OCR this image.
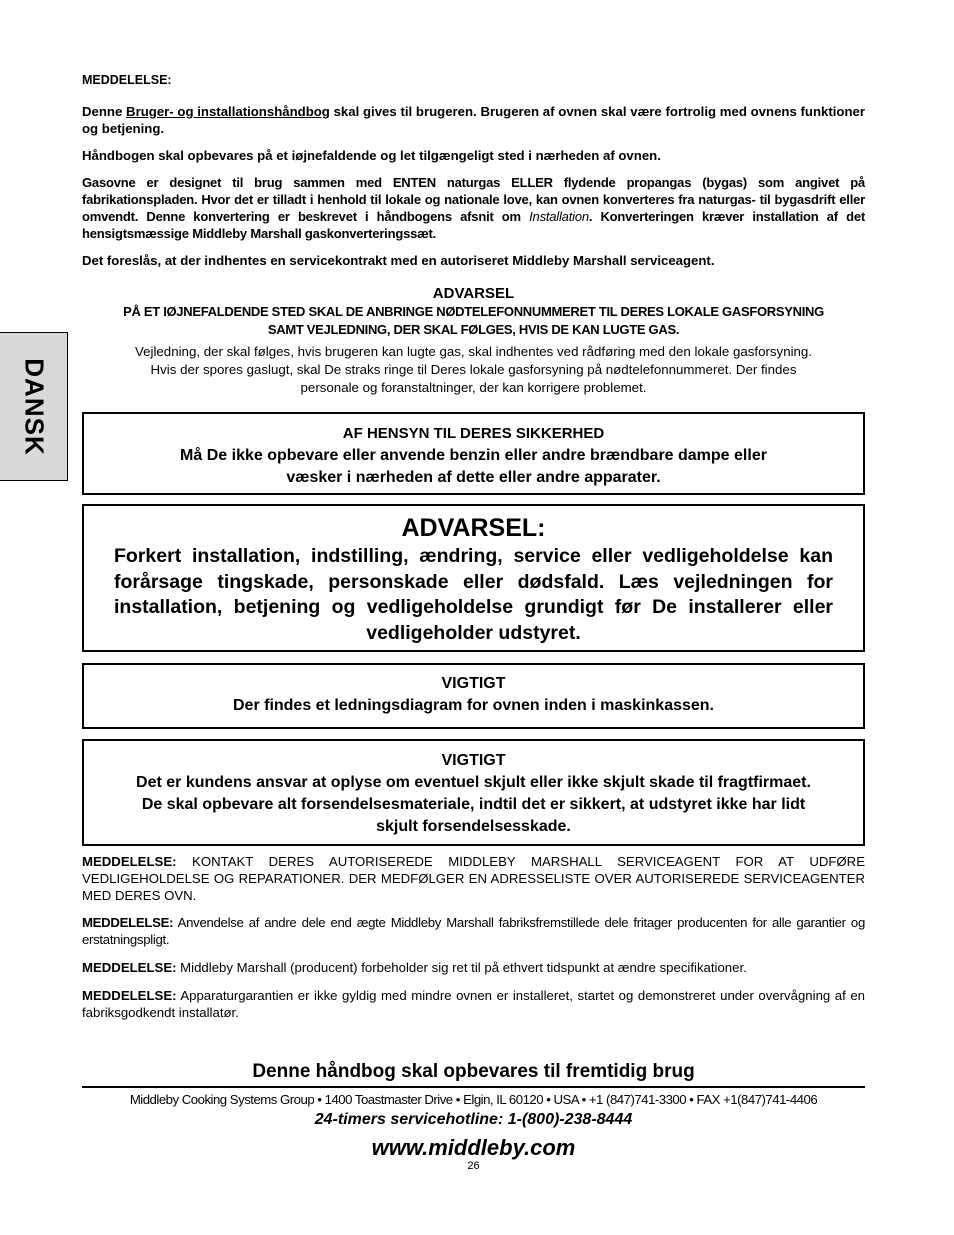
DANSK
MEDDELELSE:

Denne Bruger- og installationshåndbog skal gives til brugeren. Brugeren af ovnen skal være fortrolig med ovnens funktioner og betjening.

Håndbogen skal opbevares på et iøjnefaldende og let tilgængeligt sted i nærheden af ovnen.

Gasovne er designet til brug sammen med ENTEN naturgas ELLER flydende propangas (bygas) som angivet på fabrikationspladen. Hvor det er tilladt i henhold til lokale og nationale love, kan ovnen konverteres fra naturgas- til bygasdrift eller omvendt. Denne konvertering er beskrevet i håndbogens afsnit om Installation. Konverteringen kræver installation af det hensigtsmæssige Middleby Marshall gaskonverteringssæt.

Det foreslås, at der indhentes en servicekontrakt med en autoriseret Middleby Marshall serviceagent.

ADVARSEL
PÅ ET IØJNEFALDENDE STED SKAL DE ANBRINGE NØDTELEFONNUMMERET TIL DERES LOKALE GASFORSYNING SAMT VEJLEDNING, DER SKAL FØLGES, HVIS DE KAN LUGTE GAS.
Vejledning, der skal følges, hvis brugeren kan lugte gas, skal indhentes ved rådføring med den lokale gasforsyning. Hvis der spores gaslugt, skal De straks ringe til Deres lokale gasforsyning på nødtelefonnummeret. Der findes personale og foranstaltninger, der kan korrigere problemet.
AF HENSYN TIL DERES SIKKERHED
Må De ikke opbevare eller anvende benzin eller andre brændbare dampe eller
væsker i nærheden af dette eller andre apparater.
ADVARSEL:
Forkert installation, indstilling, ændring, service eller vedligeholdelse kan forårsage tingskade, personskade eller dødsfald. Læs vejledningen for installation, betjening og vedligeholdelse grundigt før De installerer eller vedligeholder udstyret.
VIGTIGT
Der findes et ledningsdiagram for ovnen inden i maskinkassen.
VIGTIGT
Det er kundens ansvar at oplyse om eventuel skjult eller ikke skjult skade til fragtfirmaet. De skal opbevare alt forsendelsesmateriale, indtil det er sikkert, at udstyret ikke har lidt skjult forsendelsesskade.

MEDDELELSE: KONTAKT DERES AUTORISEREDE MIDDLEBY MARSHALL SERVICEAGENT FOR AT UDFØRE VEDLIGEHOLDELSE OG REPARATIONER. DER MEDFØLGER EN ADRESSELISTE OVER AUTORISEREDE SERVICEAGENTER MED DERES OVN.

MEDDELELSE: Anvendelse af andre dele end ægte Middleby Marshall fabriksfremstillede dele fritager producenten for alle garantier og erstatningspligt.

MEDDELELSE: Middleby Marshall (producent) forbeholder sig ret til på ethvert tidspunkt at ændre specifikationer.

MEDDELELSE: Apparaturgarantien er ikke gyldig med mindre ovnen er installeret, startet og demonstreret under overvågning af en fabriksgodkendt installatør.

Denne håndbog skal opbevares til fremtidig brug
Middleby Cooking Systems Group • 1400 Toastmaster Drive • Elgin, IL 60120 • USA • +1 (847)741-3300 • FAX +1(847)741-4406
24-timers servicehotline: 1-(800)-238-8444
www.middleby.com
26
